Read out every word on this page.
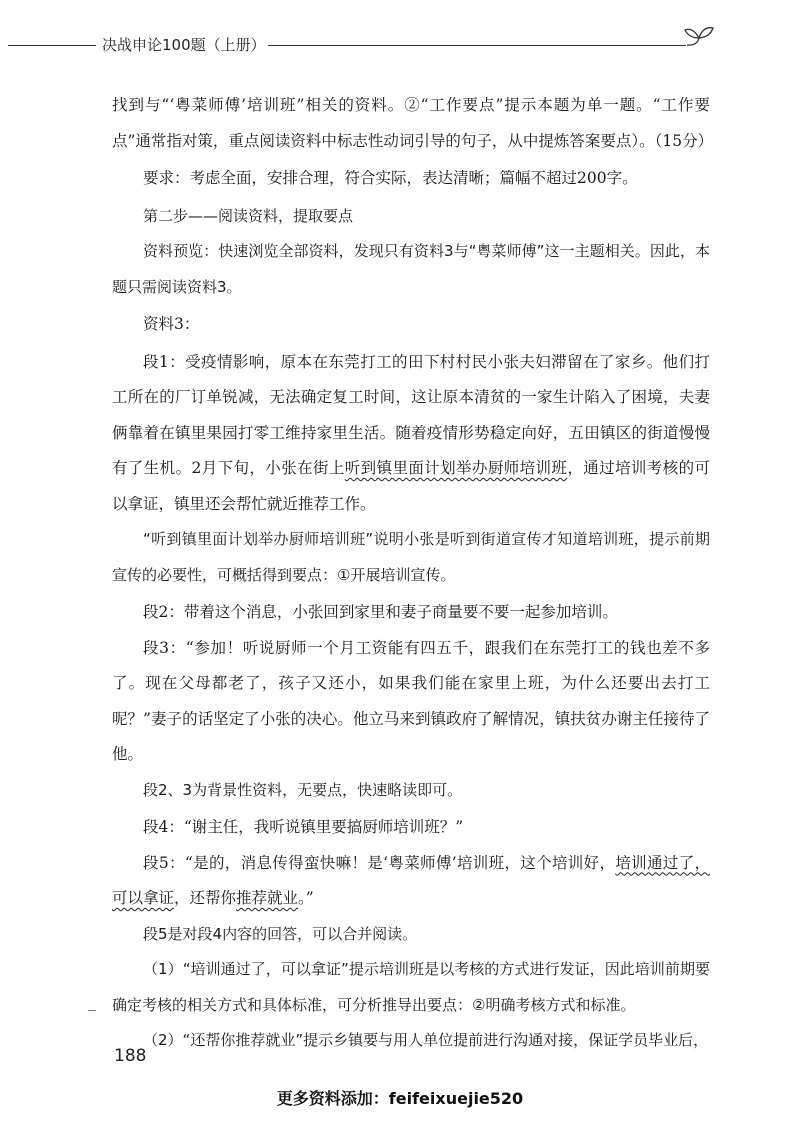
决战申论100题（上册）

找到与“‘粤菜师傅’培训班”相关的资料。②“工作要点”提示本题为单一题。“工作要点”通常指对策，重点阅读资料中标志性动词引导的句子，从中提炼答案要点）。（15分）

要求：考虑全面，安排合理，符合实际，表达清晰；篇幅不超过200字。

第二步——阅读资料，提取要点

资料预览：快速浏览全部资料，发现只有资料3与“粤菜师傅”这一主题相关。因此，本题只需阅读资料3。

资料3：

段1：受疫情影响，原本在东莞打工的田下村村民小张夫妇滞留在了家乡。他们打工所在的厂订单锐减，无法确定复工时间，这让原本清贫的一家生计陷入了困境，夫妻俩靠着在镇里果园打零工维持家里生活。随着疫情形势稳定向好，五田镇区的街道慢慢有了生机。2月下旬，小张在街上听到镇里面计划举办厨师培训班，通过培训考核的可以拿证，镇里还会帮忙就近推荐工作。

“听到镇里面计划举办厨师培训班”说明小张是听到街道宣传才知道培训班，提示前期宣传的必要性，可概括得到要点：①开展培训宣传。

段2：带着这个消息，小张回到家里和妻子商量要不要一起参加培训。

段3：“参加！听说厨师一个月工资能有四五千，跟我们在东莞打工的钱也差不多了。现在父母都老了，孩子又还小，如果我们能在家里上班，为什么还要出去打工呢？”妻子的话坚定了小张的决心。他立马来到镇政府了解情况，镇扶贫办谢主任接待了他。

段2、3为背景性资料，无要点，快速略读即可。

段4：“谢主任，我听说镇里要搞厨师培训班？”

段5：“是的，消息传得蛮快嘛！是‘粤菜师傅’培训班，这个培训好，培训通过了，可以拿证，还帮你推荐就业。”

段5是对段4内容的回答，可以合并阅读。

（1）“培训通过了，可以拿证”提示培训班是以考核的方式进行发证，因此培训前期要确定考核的相关方式和具体标准，可分析推导出要点：②明确考核方式和标准。

（2）“还帮你推荐就业”提示乡镇要与用人单位提前进行沟通对接，保证学员毕业后，

188
更多资料添加：feifeixuejie520
